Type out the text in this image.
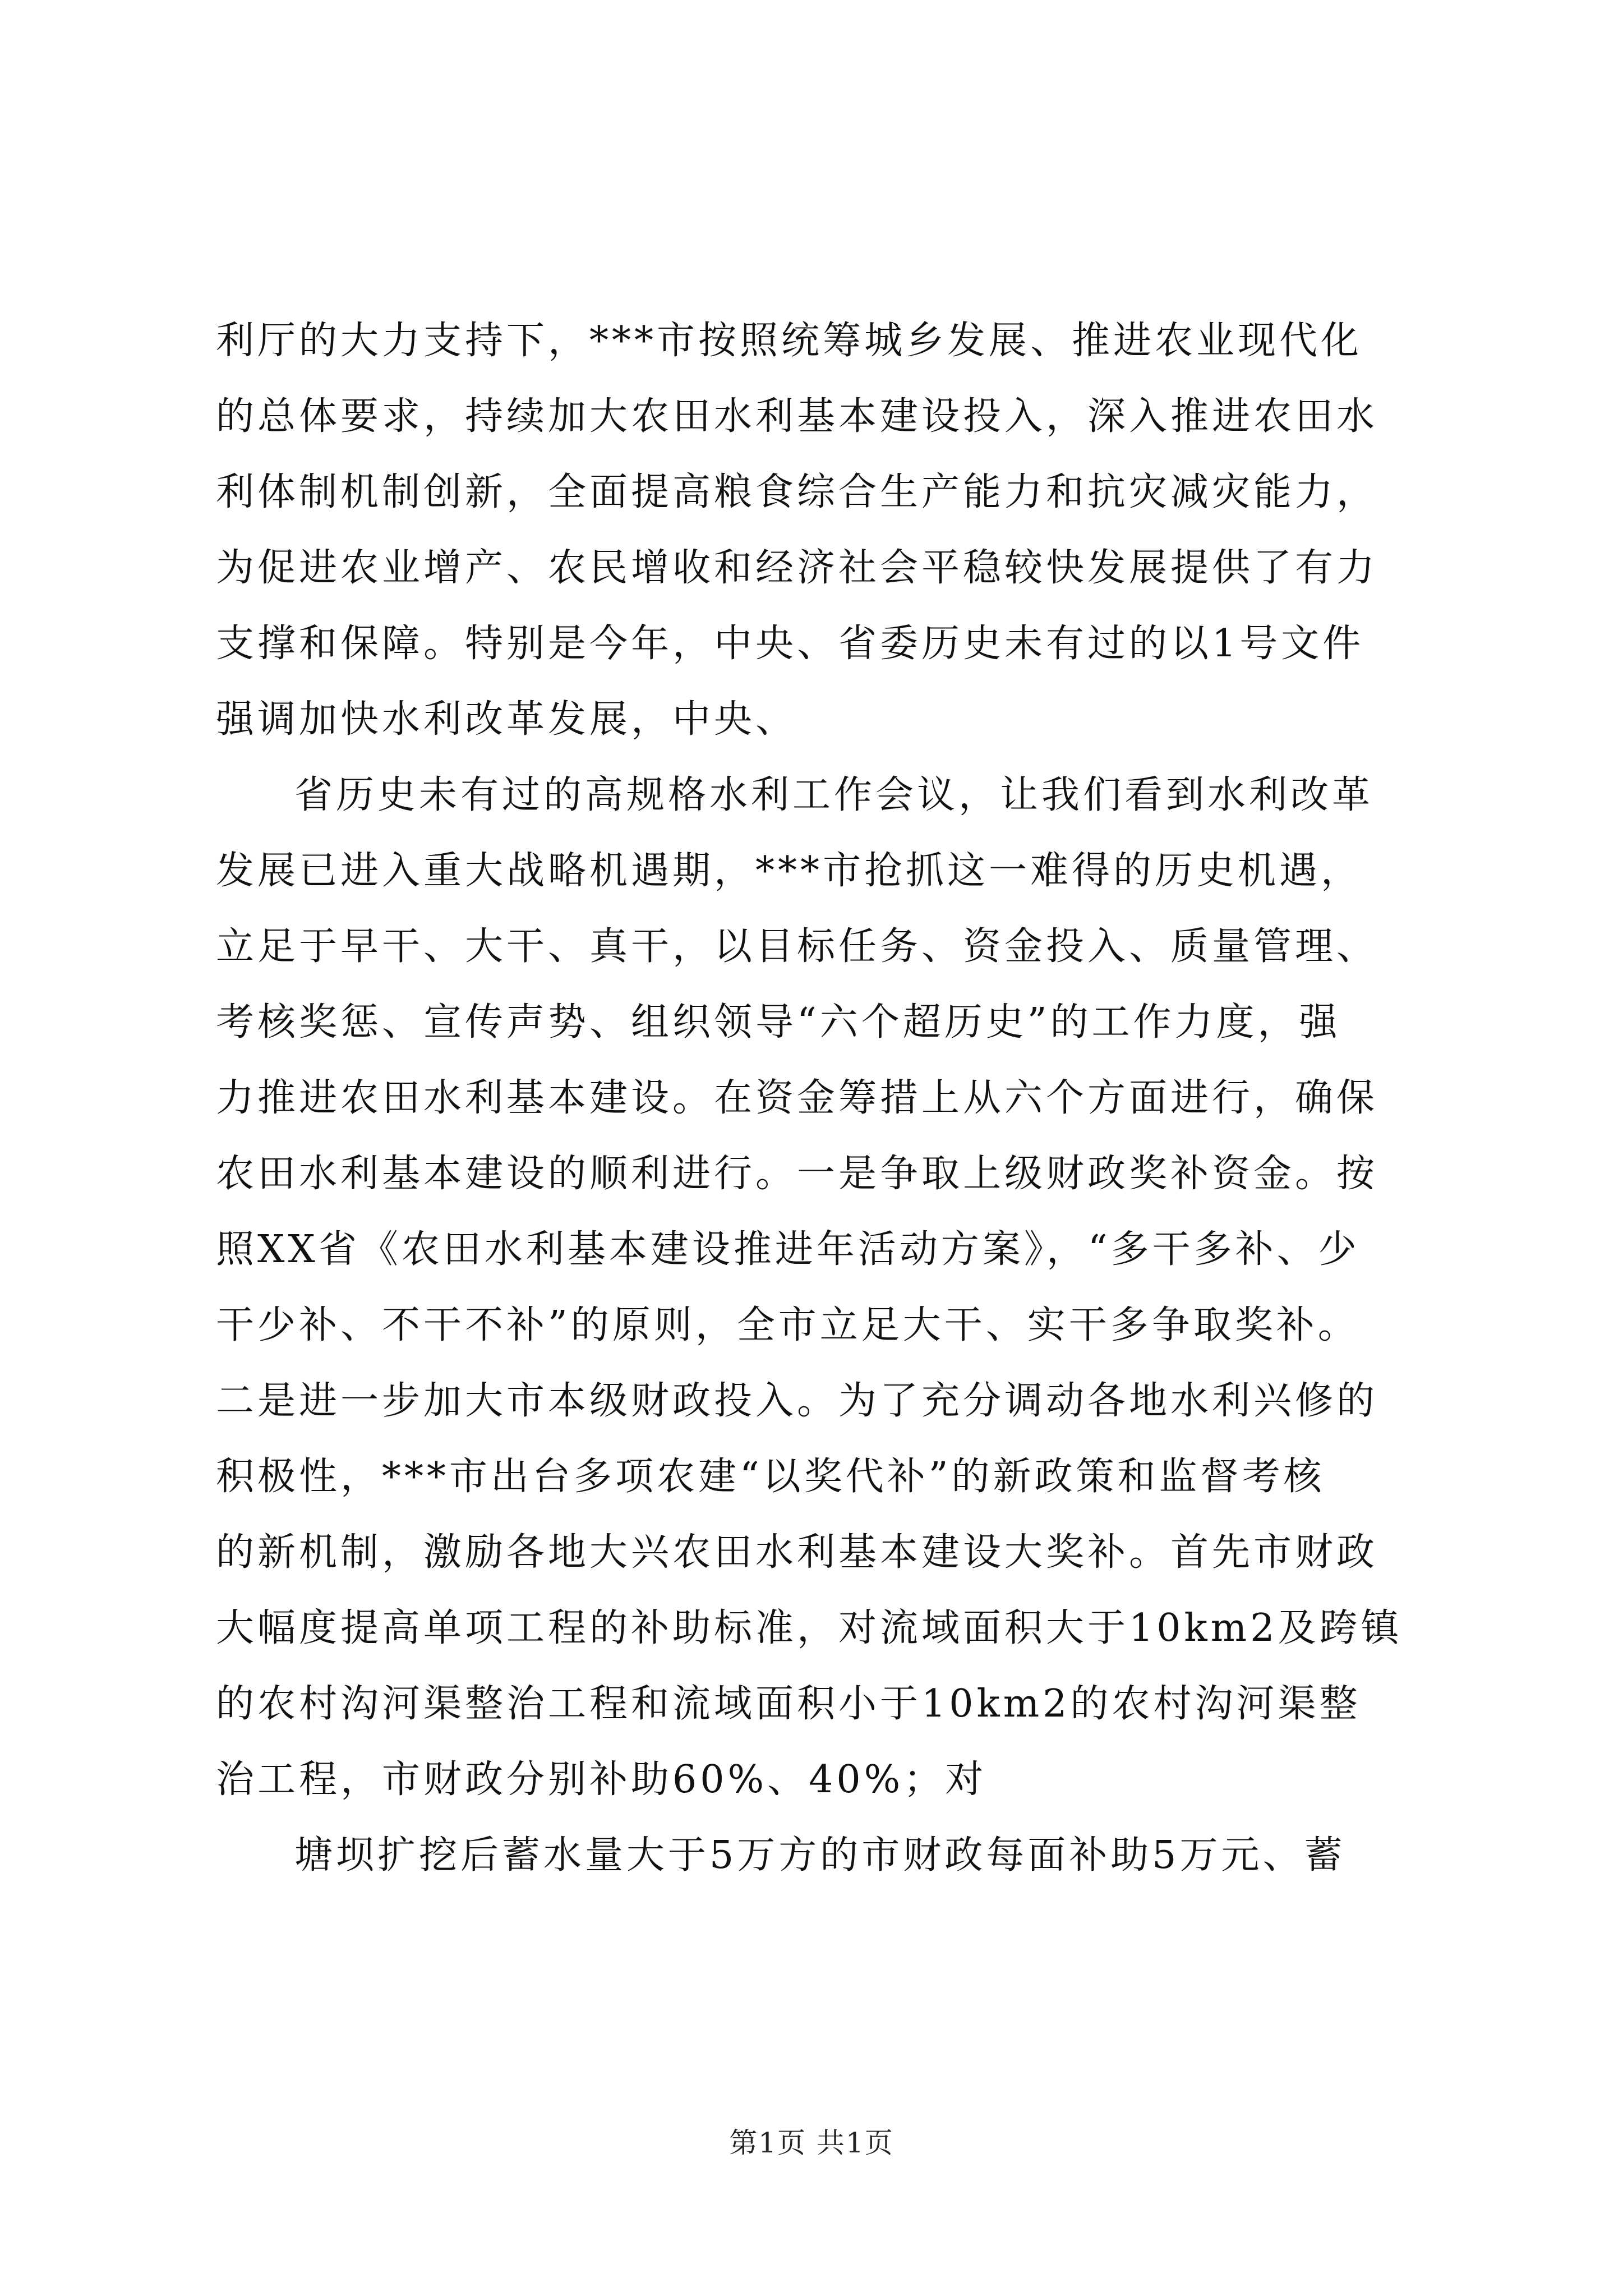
利厅的大力支持下，***市按照统筹城乡发展、推进农业现代化
的总体要求，持续加大农田水利基本建设投入，深入推进农田水
利体制机制创新，全面提高粮食综合生产能力和抗灾减灾能力，
为促进农业增产、农民增收和经济社会平稳较快发展提供了有力
支撑和保障。特别是今年，中央、省委历史未有过的以1号文件
强调加快水利改革发展，中央、
省历史未有过的高规格水利工作会议，让我们看到水利改革
发展已进入重大战略机遇期，***市抢抓这一难得的历史机遇，
立足于早干、大干、真干，以目标任务、资金投入、质量管理、
考核奖惩、宣传声势、组织领导“六个超历史”的工作力度，强
力推进农田水利基本建设。在资金筹措上从六个方面进行，确保
农田水利基本建设的顺利进行。一是争取上级财政奖补资金。按
照XX省《农田水利基本建设推进年活动方案》，“多干多补、少
干少补、不干不补”的原则，全市立足大干、实干多争取奖补。
二是进一步加大市本级财政投入。为了充分调动各地水利兴修的
积极性，***市出台多项农建“以奖代补”的新政策和监督考核
的新机制，激励各地大兴农田水利基本建设大奖补。首先市财政
大幅度提高单项工程的补助标准，对流域面积大于10km2及跨镇
的农村沟河渠整治工程和流域面积小于10km2的农村沟河渠整
治工程，市财政分别补助60%、40%；对
塘坝扩挖后蓄水量大于5万方的市财政每面补助5万元、蓄
第1页 共1页
